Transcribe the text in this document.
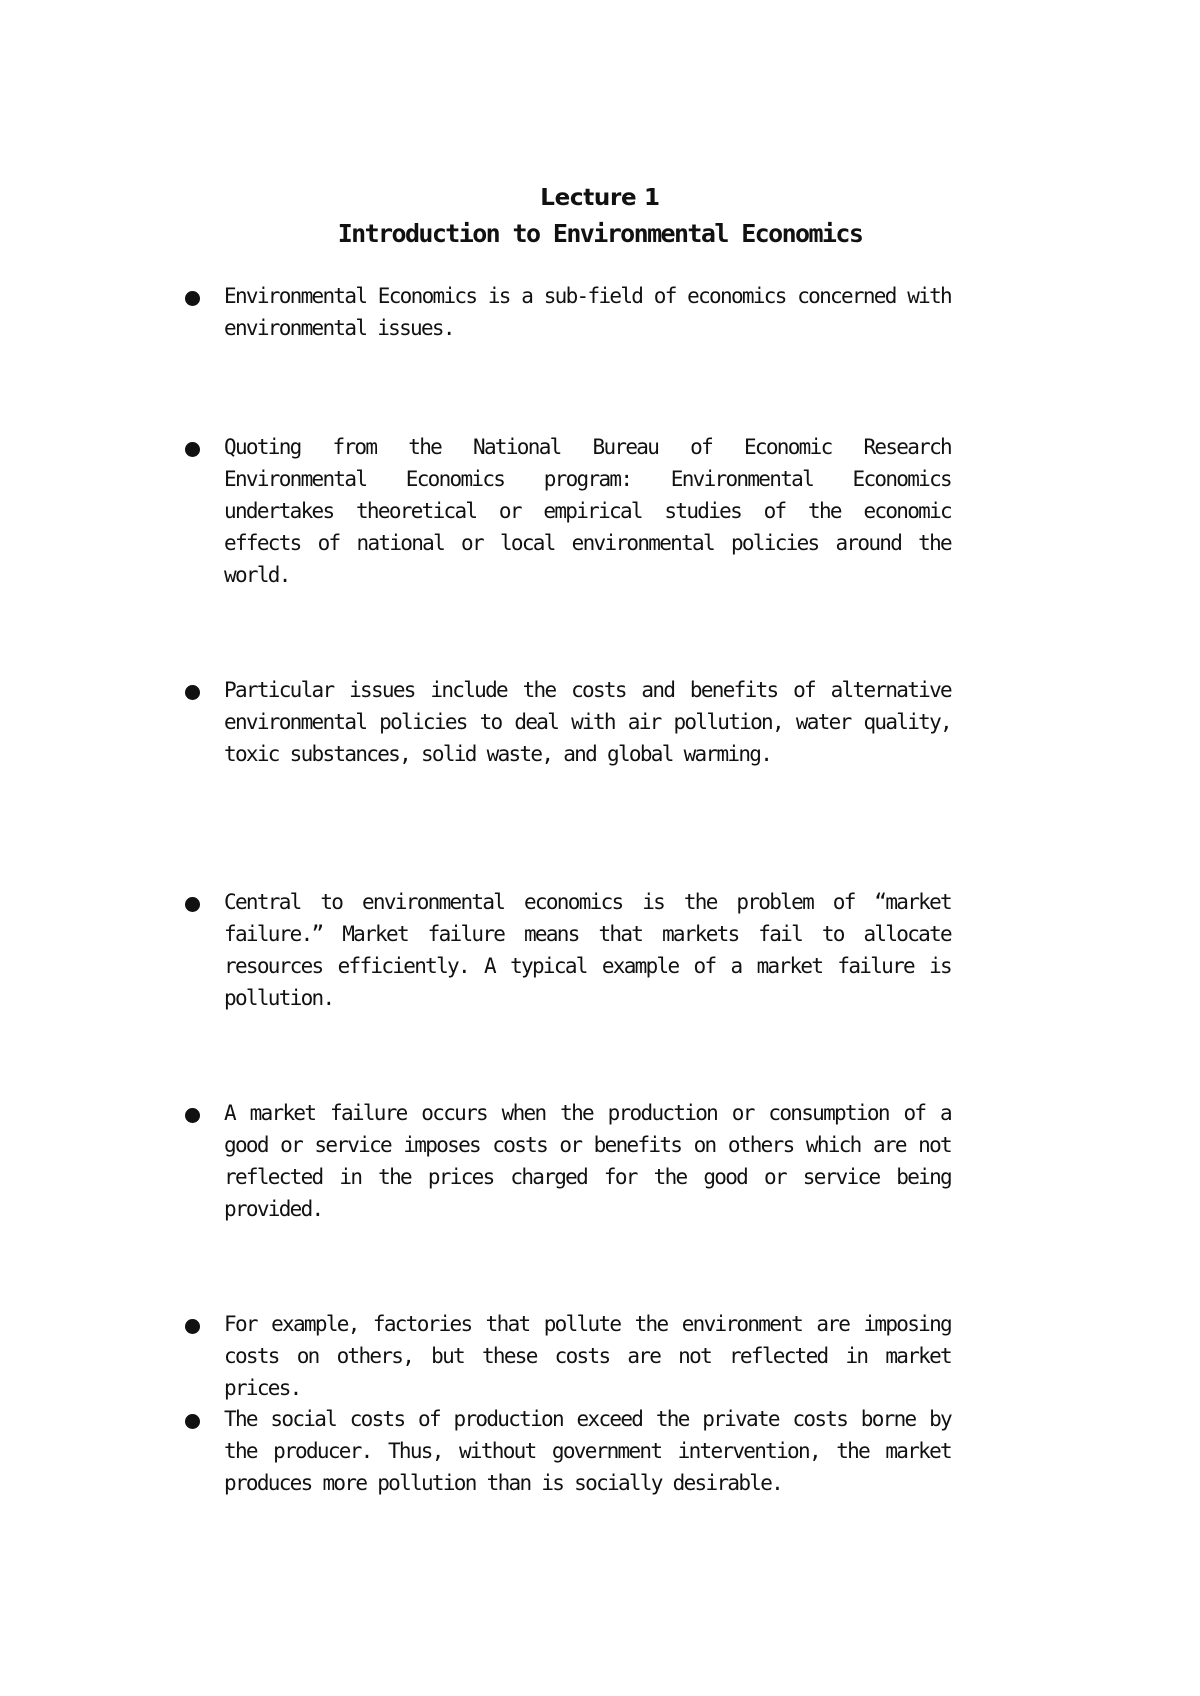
Lecture 1
Introduction to Environmental Economics
Environmental Economics is a sub-field of economics concerned with environmental issues.
Quoting from the National Bureau of Economic Research Environmental Economics program: Environmental Economics undertakes theoretical or empirical studies of the economic effects of national or local environmental policies around the world.
Particular issues include the costs and benefits of alternative environmental policies to deal with air pollution, water quality, toxic substances, solid waste, and global warming.
Central to environmental economics is the problem of “market failure.” Market failure means that markets fail to allocate resources efficiently. A typical example of a market failure is pollution.
A market failure occurs when the production or consumption of a good or service imposes costs or benefits on others which are not reflected in the prices charged for the good or service being provided.
For example, factories that pollute the environment are imposing costs on others, but these costs are not reflected in market prices.
The social costs of production exceed the private costs borne by the producer. Thus, without government intervention, the market produces more pollution than is socially desirable.
